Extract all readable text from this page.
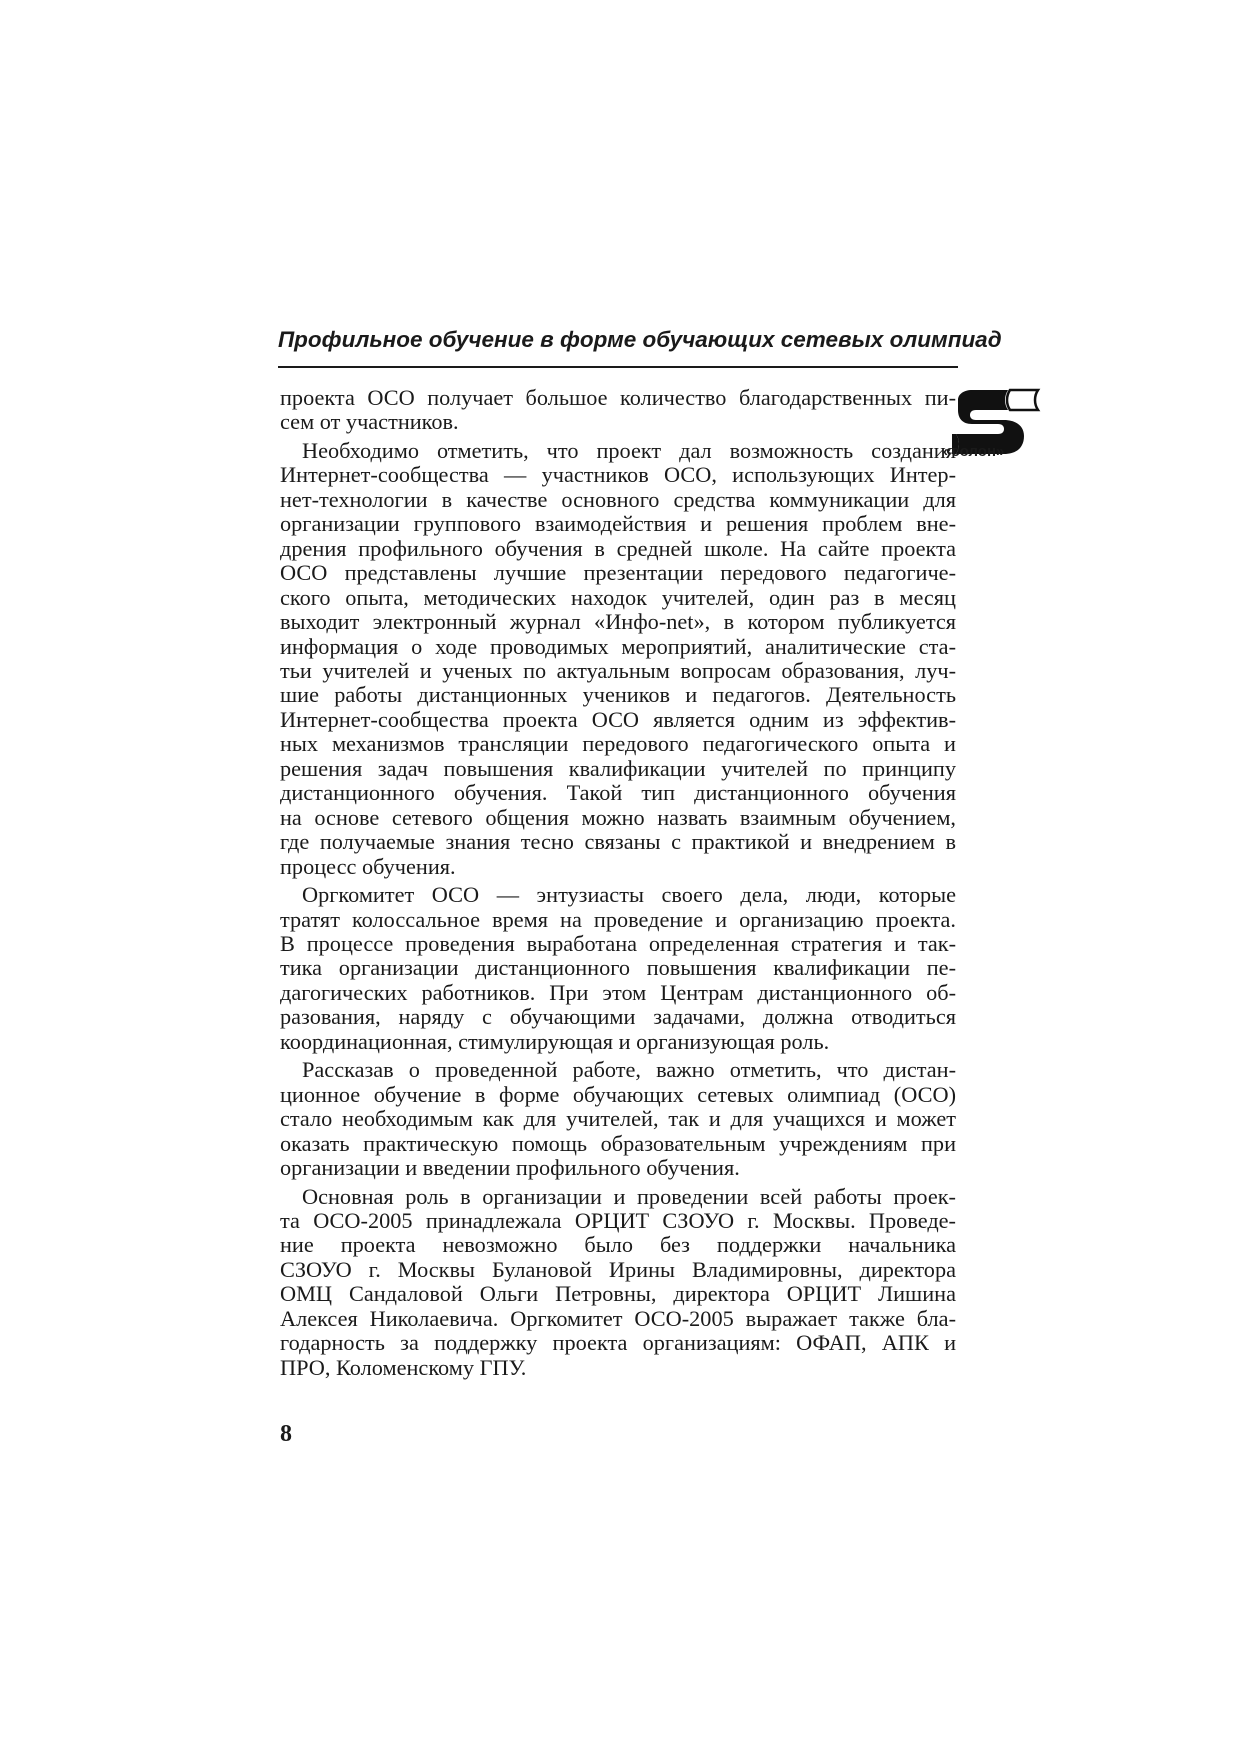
Профильное обучение в форме обучающих сетевых олимпиад
«солон»

проекта ОСО получает большое количество благодарственных пи-
сем от участников.

Необходимо отметить, что проект дал возможность создания
Интернет-сообщества — участников ОСО, использующих Интер-
нет-технологии в качестве основного средства коммуникации для
организации группового взаимодействия и решения проблем вне-
дрения профильного обучения в средней школе. На сайте проекта
ОСО представлены лучшие презентации передового педагогиче-
ского опыта, методических находок учителей, один раз в месяц
выходит электронный журнал «Инфо-net», в котором публикуется
информация о ходе проводимых мероприятий, аналитические ста-
тьи учителей и ученых по актуальным вопросам образования, луч-
шие работы дистанционных учеников и педагогов. Деятельность
Интернет-сообщества проекта ОСО является одним из эффектив-
ных механизмов трансляции передового педагогического опыта и
решения задач повышения квалификации учителей по принципу
дистанционного обучения. Такой тип дистанционного обучения
на основе сетевого общения можно назвать взаимным обучением,
где получаемые знания тесно связаны с практикой и внедрением в
процесс обучения.

Оргкомитет ОСО — энтузиасты своего дела, люди, которые
тратят колоссальное время на проведение и организацию проекта.
В процессе проведения выработана определенная стратегия и так-
тика организации дистанционного повышения квалификации пе-
дагогических работников. При этом Центрам дистанционного об-
разования, наряду с обучающими задачами, должна отводиться
координационная, стимулирующая и организующая роль.

Рассказав о проведенной работе, важно отметить, что дистан-
ционное обучение в форме обучающих сетевых олимпиад (ОСО)
стало необходимым как для учителей, так и для учащихся и может
оказать практическую помощь образовательным учреждениям при
организации и введении профильного обучения.

Основная роль в организации и проведении всей работы проек-
та ОСО-2005 принадлежала ОРЦИТ СЗОУО г. Москвы. Проведе-
ние проекта невозможно было без поддержки начальника
СЗОУО г. Москвы Булановой Ирины Владимировны, директора
ОМЦ Сандаловой Ольги Петровны, директора ОРЦИТ Лишина
Алексея Николаевича. Оргкомитет ОСО-2005 выражает также бла-
годарность за поддержку проекта организациям: ОФАП, АПК и
ПРО, Коломенскому ГПУ.

8
